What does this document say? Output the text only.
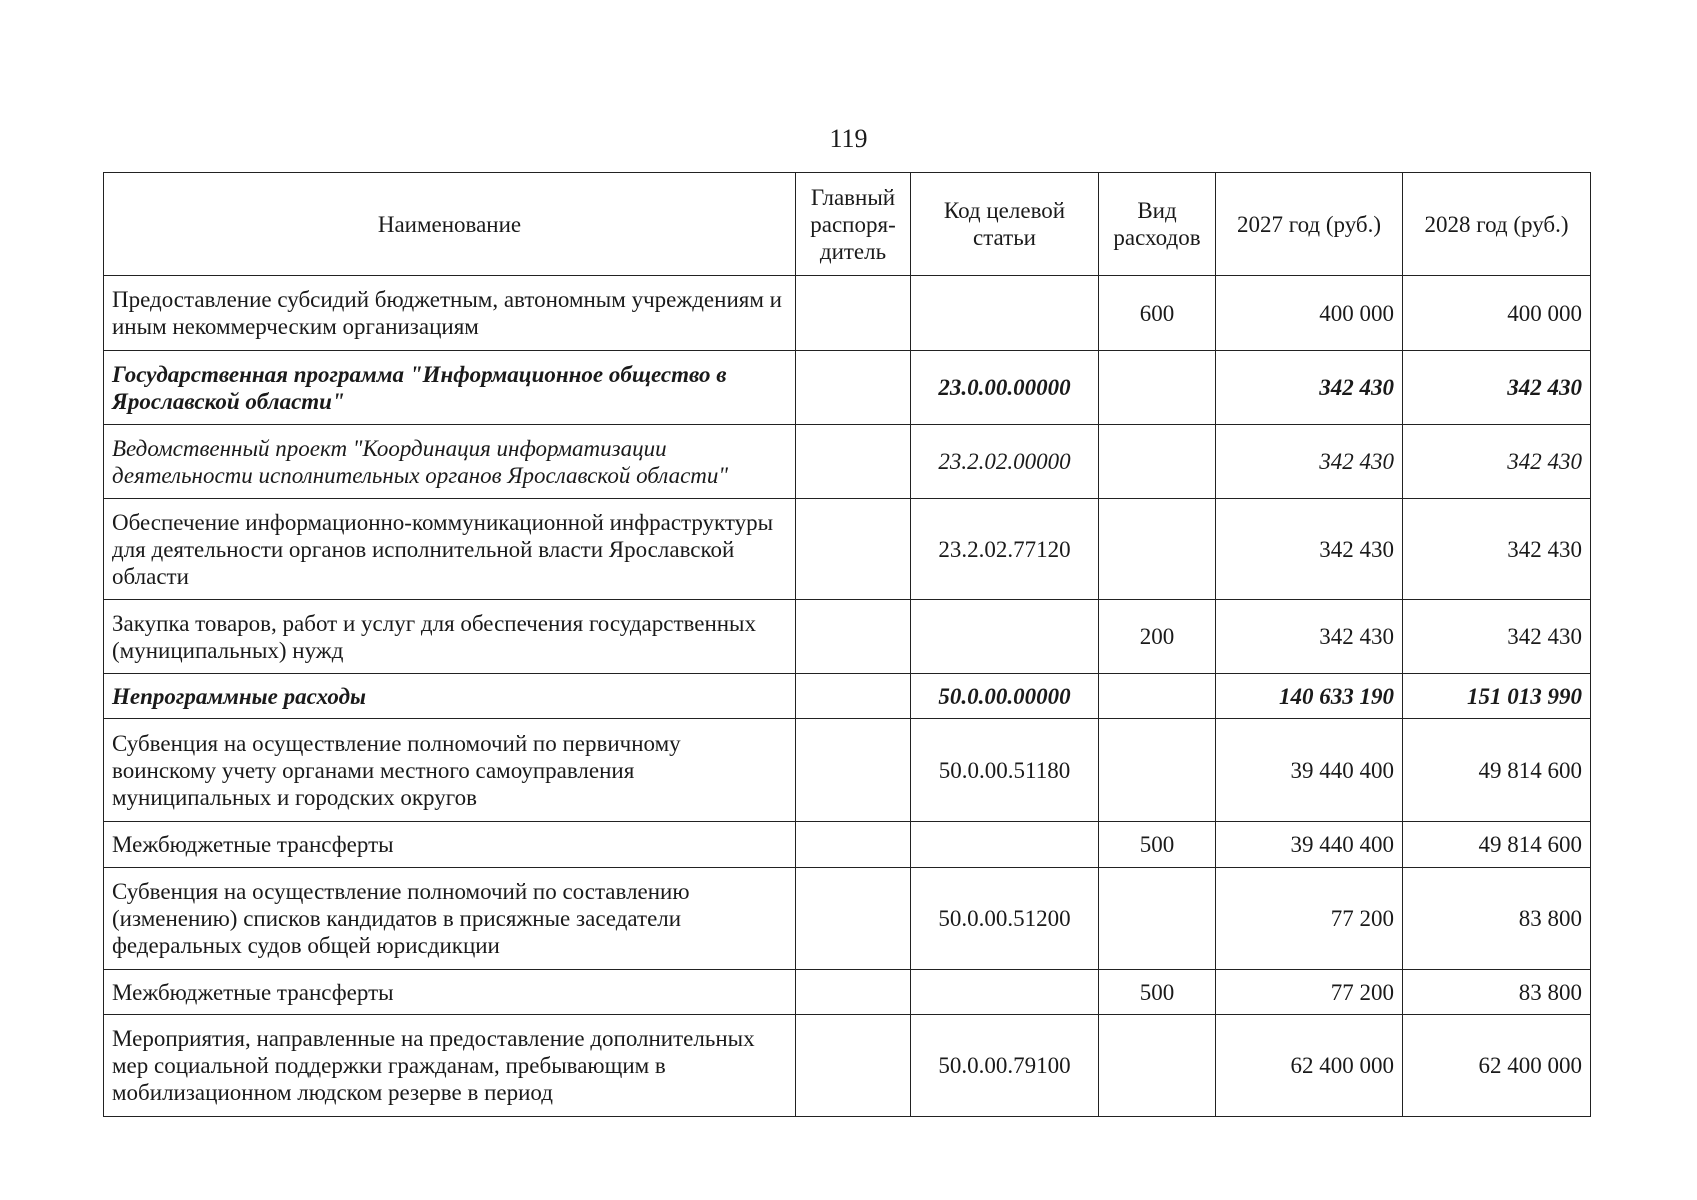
119
Наименование	Главный распоря-дитель	Код целевой статьи	Вид расходов	2027 год (руб.)	2028 год (руб.)
Предоставление субсидий бюджетным, автономным учреждениям и иным некоммерческим организациям			600	400 000	400 000
Государственная программа "Информационное общество в Ярославской области"		23.0.00.00000		342 430	342 430
Ведомственный проект "Координация информатизации деятельности исполнительных органов Ярославской области"		23.2.02.00000		342 430	342 430
Обеспечение информационно-коммуникационной инфраструктуры для деятельности органов исполнительной власти Ярославской области		23.2.02.77120		342 430	342 430
Закупка товаров, работ и услуг для обеспечения государственных (муниципальных) нужд			200	342 430	342 430
Непрограммные расходы		50.0.00.00000		140 633 190	151 013 990
Субвенция на осуществление полномочий по первичному воинскому учету органами местного самоуправления муниципальных и городских округов		50.0.00.51180		39 440 400	49 814 600
Межбюджетные трансферты			500	39 440 400	49 814 600
Субвенция на осуществление полномочий по составлению (изменению) списков кандидатов в присяжные заседатели федеральных судов общей юрисдикции		50.0.00.51200		77 200	83 800
Межбюджетные трансферты			500	77 200	83 800
Мероприятия, направленные на предоставление дополнительных мер социальной поддержки гражданам, пребывающим в мобилизационном людском резерве в период		50.0.00.79100		62 400 000	62 400 000
